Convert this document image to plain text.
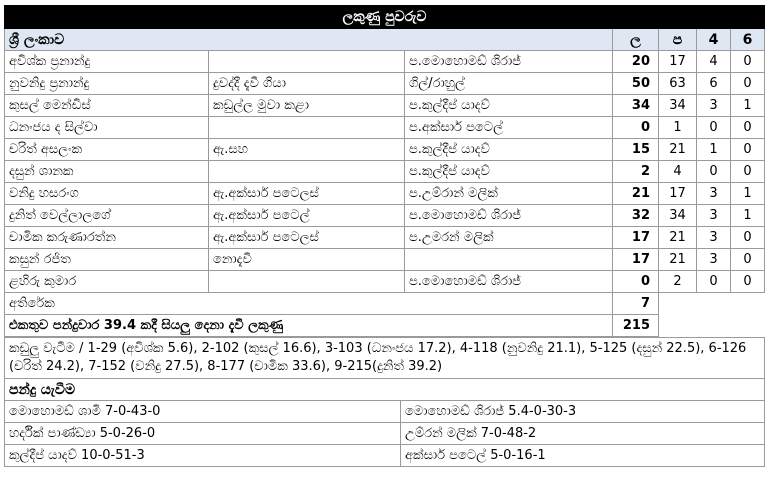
ලකුණු පුවරුව						
ශ්‍රී ලංකාව			ල	ප	4	6
අවිශ්ක ප්‍රනාන්දු		ප.මොහොමඩ් ශිරාජ්	20	17	4	0
නුවනිදු ප්‍රනාන්දු	දුවද්දී දැවී ගියා	ගිල්/රාහුල්	50	63	6	0
කුසල් මෙන්ඩිස්	කඩුල්ල මුවා කළා	ප.කුල්දීප් යාදව්	34	34	3	1
ධනංජය ද සිල්වා		ප.අක්සාර් පටෙල්	0	1	0	0
චරිත් අසලංක	ඇ.සහ	ප.කුල්දීප් යාදව්	15	21	1	0
දසුන් ශානක		ප.කුල්දීප් යාදව්	2	4	0	0
වනිදු හසරංග	ඇ.අක්සාර් පටෙලස්	ප.උම්රාන් මලික්	21	17	3	1
දුනිත් වෙල්ලාලගේ	ඇ.අක්සාර් පටෙල්	ප.මොහොමඩ් ශිරාජ්	32	34	3	1
චාමික කරුණාරත්න	ඇ.අක්සාර් පටෙලස්	ප.උමරන් මලික්	17	21	3	0
කසුන් රජිත	නොදැවී		17	21	3	0
ළහිරු කුමාර		ප.මොහොමඩ් ශිරාජ්	0	2	0	0
අතිරේක			7			
එකතුව පන්දුවාර 39.4 කදී සියලු දෙනා දැවී ලකුණු			215			
කඩුලු වැටීම / 1-29 (අවිශ්ක 5.6), 2-102 (කුසල් 16.6), 3-103 (ධනංජය 17.2), 4-118 (නුවනිදු 21.1), 5-125 (දසුන් 22.5), 6-126 (චරිත් 24.2), 7-152 (වනිදු 27.5), 8-177 (චාමික 33.6), 9-215(දුනිත් 39.2)	
පන්දු යැවීම	
මොහොමඩ් ශාමි 7-0-43-0	මොහොමඩ් ශිරාජ් 5.4-0-30-3
හර්දික් පාණ්ඩ්‍යා 5-0-26-0	උම්රන් මලික් 7-0-48-2
කුල්දීප් යාදව් 10-0-51-3	අක්සාර් පටෙල් 5-0-16-1
